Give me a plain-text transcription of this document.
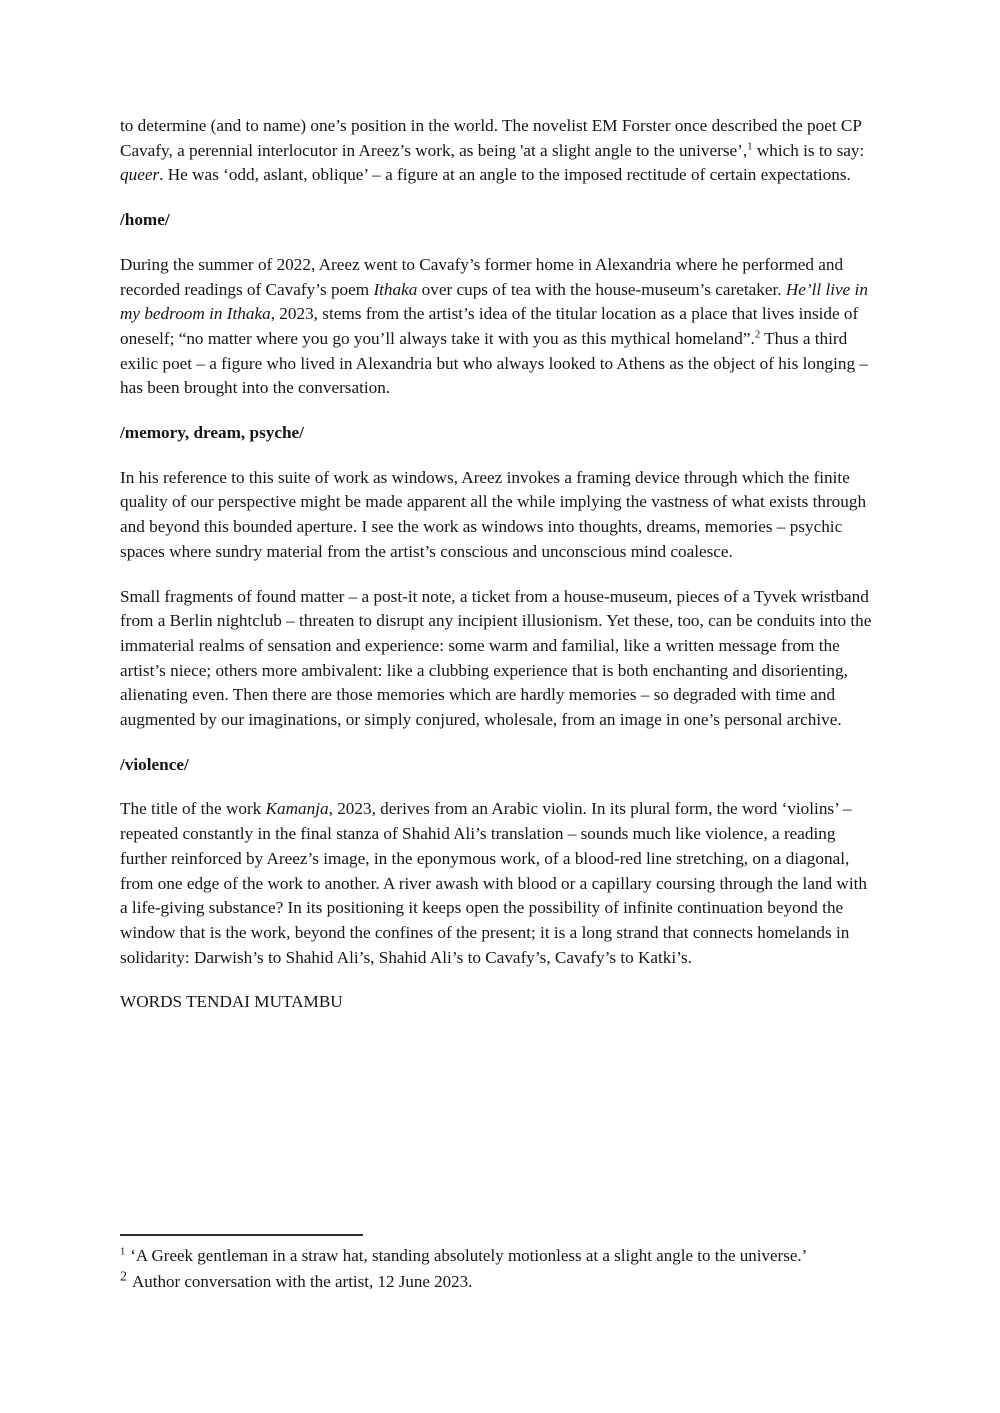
to determine (and to name) one’s position in the world. The novelist EM Forster once described the poet CP Cavafy, a perennial interlocutor in Areez’s work, as being 'at a slight angle to the universe’,$^1$ which is to say: queer. He was ‘odd, aslant, oblique’ – a figure at an angle to the imposed rectitude of certain expectations.

/home/

During the summer of 2022, Areez went to Cavafy’s former home in Alexandria where he performed and recorded readings of Cavafy’s poem Ithaka over cups of tea with the house-museum’s caretaker. He’ll live in my bedroom in Ithaka, 2023, stems from the artist’s idea of the titular location as a place that lives inside of oneself; “no matter where you go you’ll always take it with you as this mythical homeland”.$^2$ Thus a third exilic poet – a figure who lived in Alexandria but who always looked to Athens as the object of his longing – has been brought into the conversation.

/memory, dream, psyche/

In his reference to this suite of work as windows, Areez invokes a framing device through which the finite quality of our perspective might be made apparent all the while implying the vastness of what exists through and beyond this bounded aperture. I see the work as windows into thoughts, dreams, memories – psychic spaces where sundry material from the artist’s conscious and unconscious mind coalesce.

Small fragments of found matter – a post-it note, a ticket from a house-museum, pieces of a Tyvek wristband from a Berlin nightclub – threaten to disrupt any incipient illusionism. Yet these, too, can be conduits into the immaterial realms of sensation and experience: some warm and familial, like a written message from the artist’s niece; others more ambivalent: like a clubbing experience that is both enchanting and disorienting, alienating even. Then there are those memories which are hardly memories – so degraded with time and augmented by our imaginations, or simply conjured, wholesale, from an image in one’s personal archive.

/violence/

The title of the work Kamanja, 2023, derives from an Arabic violin. In its plural form, the word ‘violins’ – repeated constantly in the final stanza of Shahid Ali’s translation – sounds much like violence, a reading further reinforced by Areez’s image, in the eponymous work, of a blood-red line stretching, on a diagonal, from one edge of the work to another. A river awash with blood or a capillary coursing through the land with a life-giving substance? In its positioning it keeps open the possibility of infinite continuation beyond the window that is the work, beyond the confines of the present; it is a long strand that connects homelands in solidarity: Darwish’s to Shahid Ali’s, Shahid Ali’s to Cavafy’s, Cavafy’s to Katki’s.

WORDS TENDAI MUTAMBU

$^1$ ‘A Greek gentleman in a straw hat, standing absolutely motionless at a slight angle to the universe.’

$^2$ Author conversation with the artist, 12 June 2023.
